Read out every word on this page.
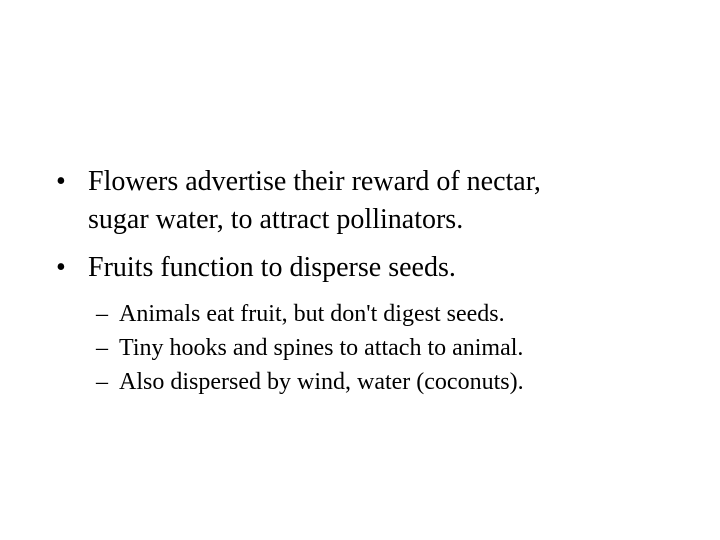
• Flowers advertise their reward of nectar,
sugar water, to attract pollinators.
• Fruits function to disperse seeds.
– Animals eat fruit, but don't digest seeds.
– Tiny hooks and spines to attach to animal.
– Also dispersed by wind, water (coconuts).
